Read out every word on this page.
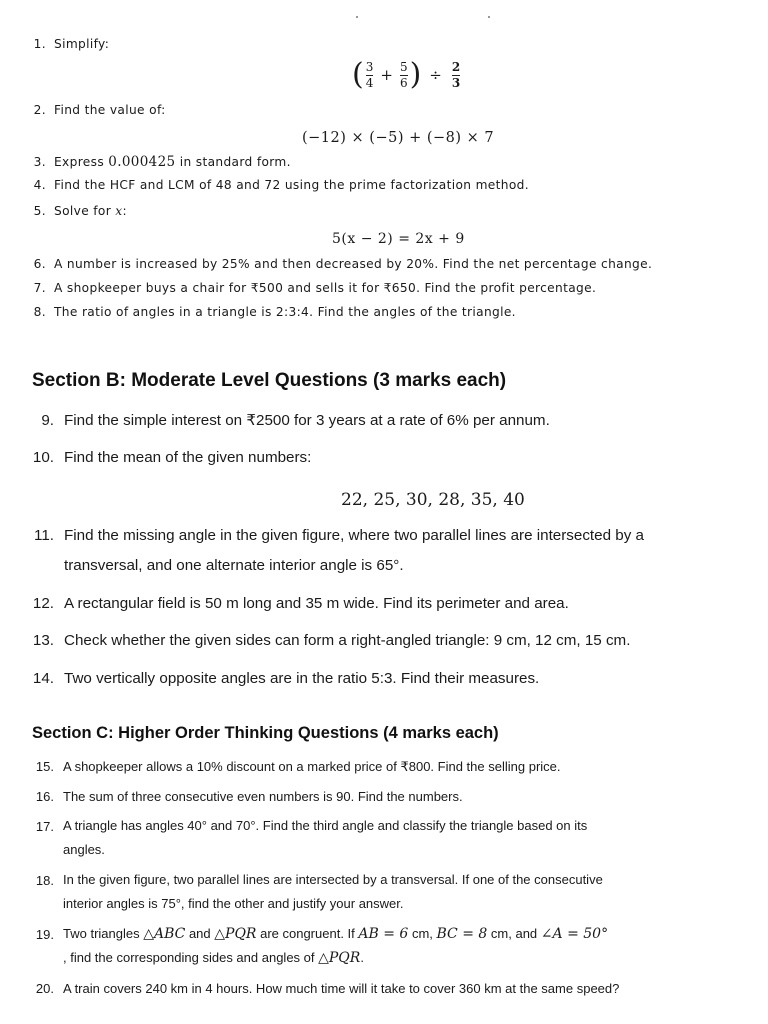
1. Simplify:
( $\frac{3}{4} + \frac{5}{6}$ ) ÷ $\frac{2}{3}$
2. Find the value of:
(−12) × (−5) + (−8) × 7
3. Express 0.000425 in standard form.
4. Find the HCF and LCM of 48 and 72 using the prime factorization method.
5. Solve for x:
5(x − 2) = 2x + 9
6. A number is increased by 25% and then decreased by 20%. Find the net percentage change.
7. A shopkeeper buys a chair for ₹500 and sells it for ₹650. Find the profit percentage.
8. The ratio of angles in a triangle is 2:3:4. Find the angles of the triangle.
Section B: Moderate Level Questions (3 marks each)
9. Find the simple interest on ₹2500 for 3 years at a rate of 6% per annum.
10. Find the mean of the given numbers:
22, 25, 30, 28, 35, 40
11. Find the missing angle in the given figure, where two parallel lines are intersected by a
transversal, and one alternate interior angle is 65°.
12. A rectangular field is 50 m long and 35 m wide. Find its perimeter and area.
13. Check whether the given sides can form a right-angled triangle: 9 cm, 12 cm, 15 cm.
14. Two vertically opposite angles are in the ratio 5:3. Find their measures.
Section C: Higher Order Thinking Questions (4 marks each)
15. A shopkeeper allows a 10% discount on a marked price of ₹800. Find the selling price.
16. The sum of three consecutive even numbers is 90. Find the numbers.
17. A triangle has angles 40° and 70°. Find the third angle and classify the triangle based on its
angles.
18. In the given figure, two parallel lines are intersected by a transversal. If one of the consecutive
interior angles is 75°, find the other and justify your answer.
19. Two triangles △ABC and △PQR are congruent. If AB = 6 cm, BC = 8 cm, and ∠A = 50°
, find the corresponding sides and angles of △PQR.
20. A train covers 240 km in 4 hours. How much time will it take to cover 360 km at the same speed?
